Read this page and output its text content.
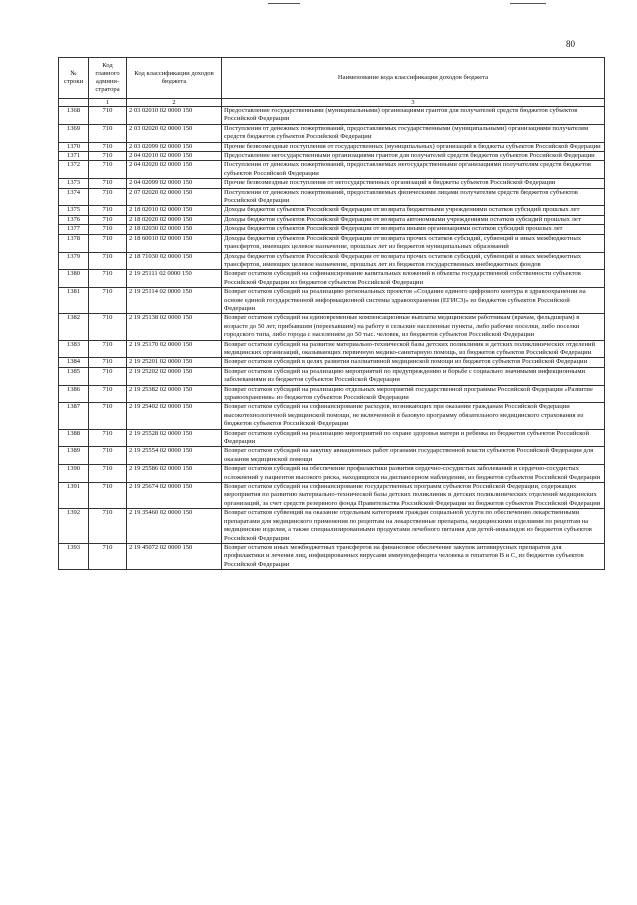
80
№ строки	Код главного админи-стратора	Код классификации доходов бюджета	Наименование кода классификации доходов бюджета
	1	2	3
1368	710	2 03 02010 02 0000 150	Предоставление государственными (муниципальными) организациями грантов для получателей средств бюджетов субъектов Российской Федерации
1369	710	2 03 02020 02 0000 150	Поступления от денежных пожертвований, предоставляемых государственными (муниципальными) организациями получателям средств бюджетов субъектов Российской Федерации
1370	710	2 03 02099 02 0000 150	Прочие безвозмездные поступления от государственных (муниципальных) организаций в бюджеты субъектов Российской Федерации
1371	710	2 04 02010 02 0000 150	Предоставление негосударственными организациями грантов для получателей средств бюджетов субъектов Российской Федерации
1372	710	2 04 02020 02 0000 150	Поступления от денежных пожертвований, предоставляемых негосударственными организациями получателям средств бюджетов субъектов Российской Федерации
1373	710	2 04 02099 02 0000 150	Прочие безвозмездные поступления от негосударственных организаций в бюджеты субъектов Российской Федерации
1374	710	2 07 02020 02 0000 150	Поступления от денежных пожертвований, предоставляемых физическими лицами получателям средств бюджетов субъектов Российской Федерации
1375	710	2 18 02010 02 0000 150	Доходы бюджетов субъектов Российской Федерации от возврата бюджетными учреждениями остатков субсидий прошлых лет
1376	710	2 18 02020 02 0000 150	Доходы бюджетов субъектов Российской Федерации от возврата автономными учреждениями остатков субсидий прошлых лет
1377	710	2 18 02030 02 0000 150	Доходы бюджетов субъектов Российской Федерации от возврата иными организациями остатков субсидий прошлых лет
1378	710	2 18 60010 02 0000 150	Доходы бюджетов субъектов Российской Федерации от возврата прочих остатков субсидий, субвенций и иных межбюджетных трансфертов, имеющих целевое назначение, прошлых лет из бюджетов муниципальных образований
1379	710	2 18 71030 02 0000 150	Доходы бюджетов субъектов Российской Федерации от возврата прочих остатков субсидий, субвенций и иных межбюджетных трансфертов, имеющих целевое назначение, прошлых лет из бюджетов государственных внебюджетных фондов
1380	710	2 19 25111 02 0000 150	Возврат остатков субсидий на софинансирование капитальных вложений в объекты государственной собственности субъектов Российской Федерации из бюджетов субъектов Российской Федерации
1381	710	2 19 25114 02 0000 150	Возврат остатков субсидий на реализацию региональных проектов «Создание единого цифрового контура в здравоохранении на основе единой государственной информационной системы здравоохранения (ЕГИСЗ)» из бюджетов субъектов Российской Федерации
1382	710	2 19 25138 02 0000 150	Возврат остатков субсидий на единовременные компенсационные выплаты медицинским работникам (врачам, фельдшерам) в возрасте до 50 лет, прибывшим (переехавшим) на работу в сельские населенные пункты, либо рабочие поселки, либо поселки городского типа, либо города с населением до 50 тыс. человек, из бюджетов субъектов Российской Федерации
1383	710	2 19 25170 02 0000 150	Возврат остатков субсидий на развитие материально-технической базы детских поликлиник и детских поликлинических отделений медицинских организаций, оказывающих первичную медико-санитарную помощь, из бюджетов субъектов Российской Федерации
1384	710	2 19 25201 02 0000 150	Возврат остатков субсидий в целях развития паллиативной медицинской помощи из бюджетов субъектов Российской Федерации
1385	710	2 19 25202 02 0000 150	Возврат остатков субсидий на реализацию мероприятий по предупреждению и борьбе с социально значимыми инфекционными заболеваниями из бюджетов субъектов Российской Федерации
1386	710	2 19 25382 02 0000 150	Возврат остатков субсидий на реализацию отдельных мероприятий государственной программы Российской Федерации «Развитие здравоохранения» из бюджетов субъектов Российской Федерации
1387	710	2 19 25402 02 0000 150	Возврат остатков субсидий на софинансирование расходов, возникающих при оказании гражданам Российской Федерации высокотехнологичной медицинской помощи, не включенной в базовую программу обязательного медицинского страхования из бюджетов субъектов Российской Федерации
1388	710	2 19 25528 02 0000 150	Возврат остатков субсидий на реализацию мероприятий по охране здоровья матери и ребенка из бюджетов субъектов Российской Федерации
1389	710	2 19 25554 02 0000 150	Возврат остатков субсидий на закупку авиационных работ органами государственной власти субъектов Российской Федерации для оказания медицинской помощи
1390	710	2 19 25586 02 0000 150	Возврат остатков субсидий на обеспечение профилактики развития сердечно-сосудистых заболеваний и сердечно-сосудистых осложнений у пациентов высокого риска, находящихся на диспансерном наблюдении, из бюджетов субъектов Российской Федерации
1391	710	2 19 25674 02 0000 150	Возврат остатков субсидий на софинансирование государственных программ субъектов Российской Федерации, содержащих мероприятия по развитию материально-технической базы детских поликлиник и детских поликлинических отделений медицинских организаций, за счет средств резервного фонда Правительства Российской Федерации из бюджетов субъектов Российской Федерации
1392	710	2 19 35460 02 0000 150	Возврат остатков субвенций на оказание отдельным категориям граждан социальной услуги по обеспечению лекарственными препаратами для медицинского применения по рецептам на лекарственные препараты, медицинскими изделиями по рецептам на медицинские изделия, а также специализированными продуктами лечебного питания для детей-инвалидов из бюджетов субъектов Российской Федерации
1393	710	2 19 45072 02 0000 150	Возврат остатков иных межбюджетных трансфертов на финансовое обеспечение закупок антивирусных препаратов для профилактики и лечения лиц, инфицированных вирусами иммунодефицита человека и гепатитов В и С, из бюджетов субъектов Российской Федерации
